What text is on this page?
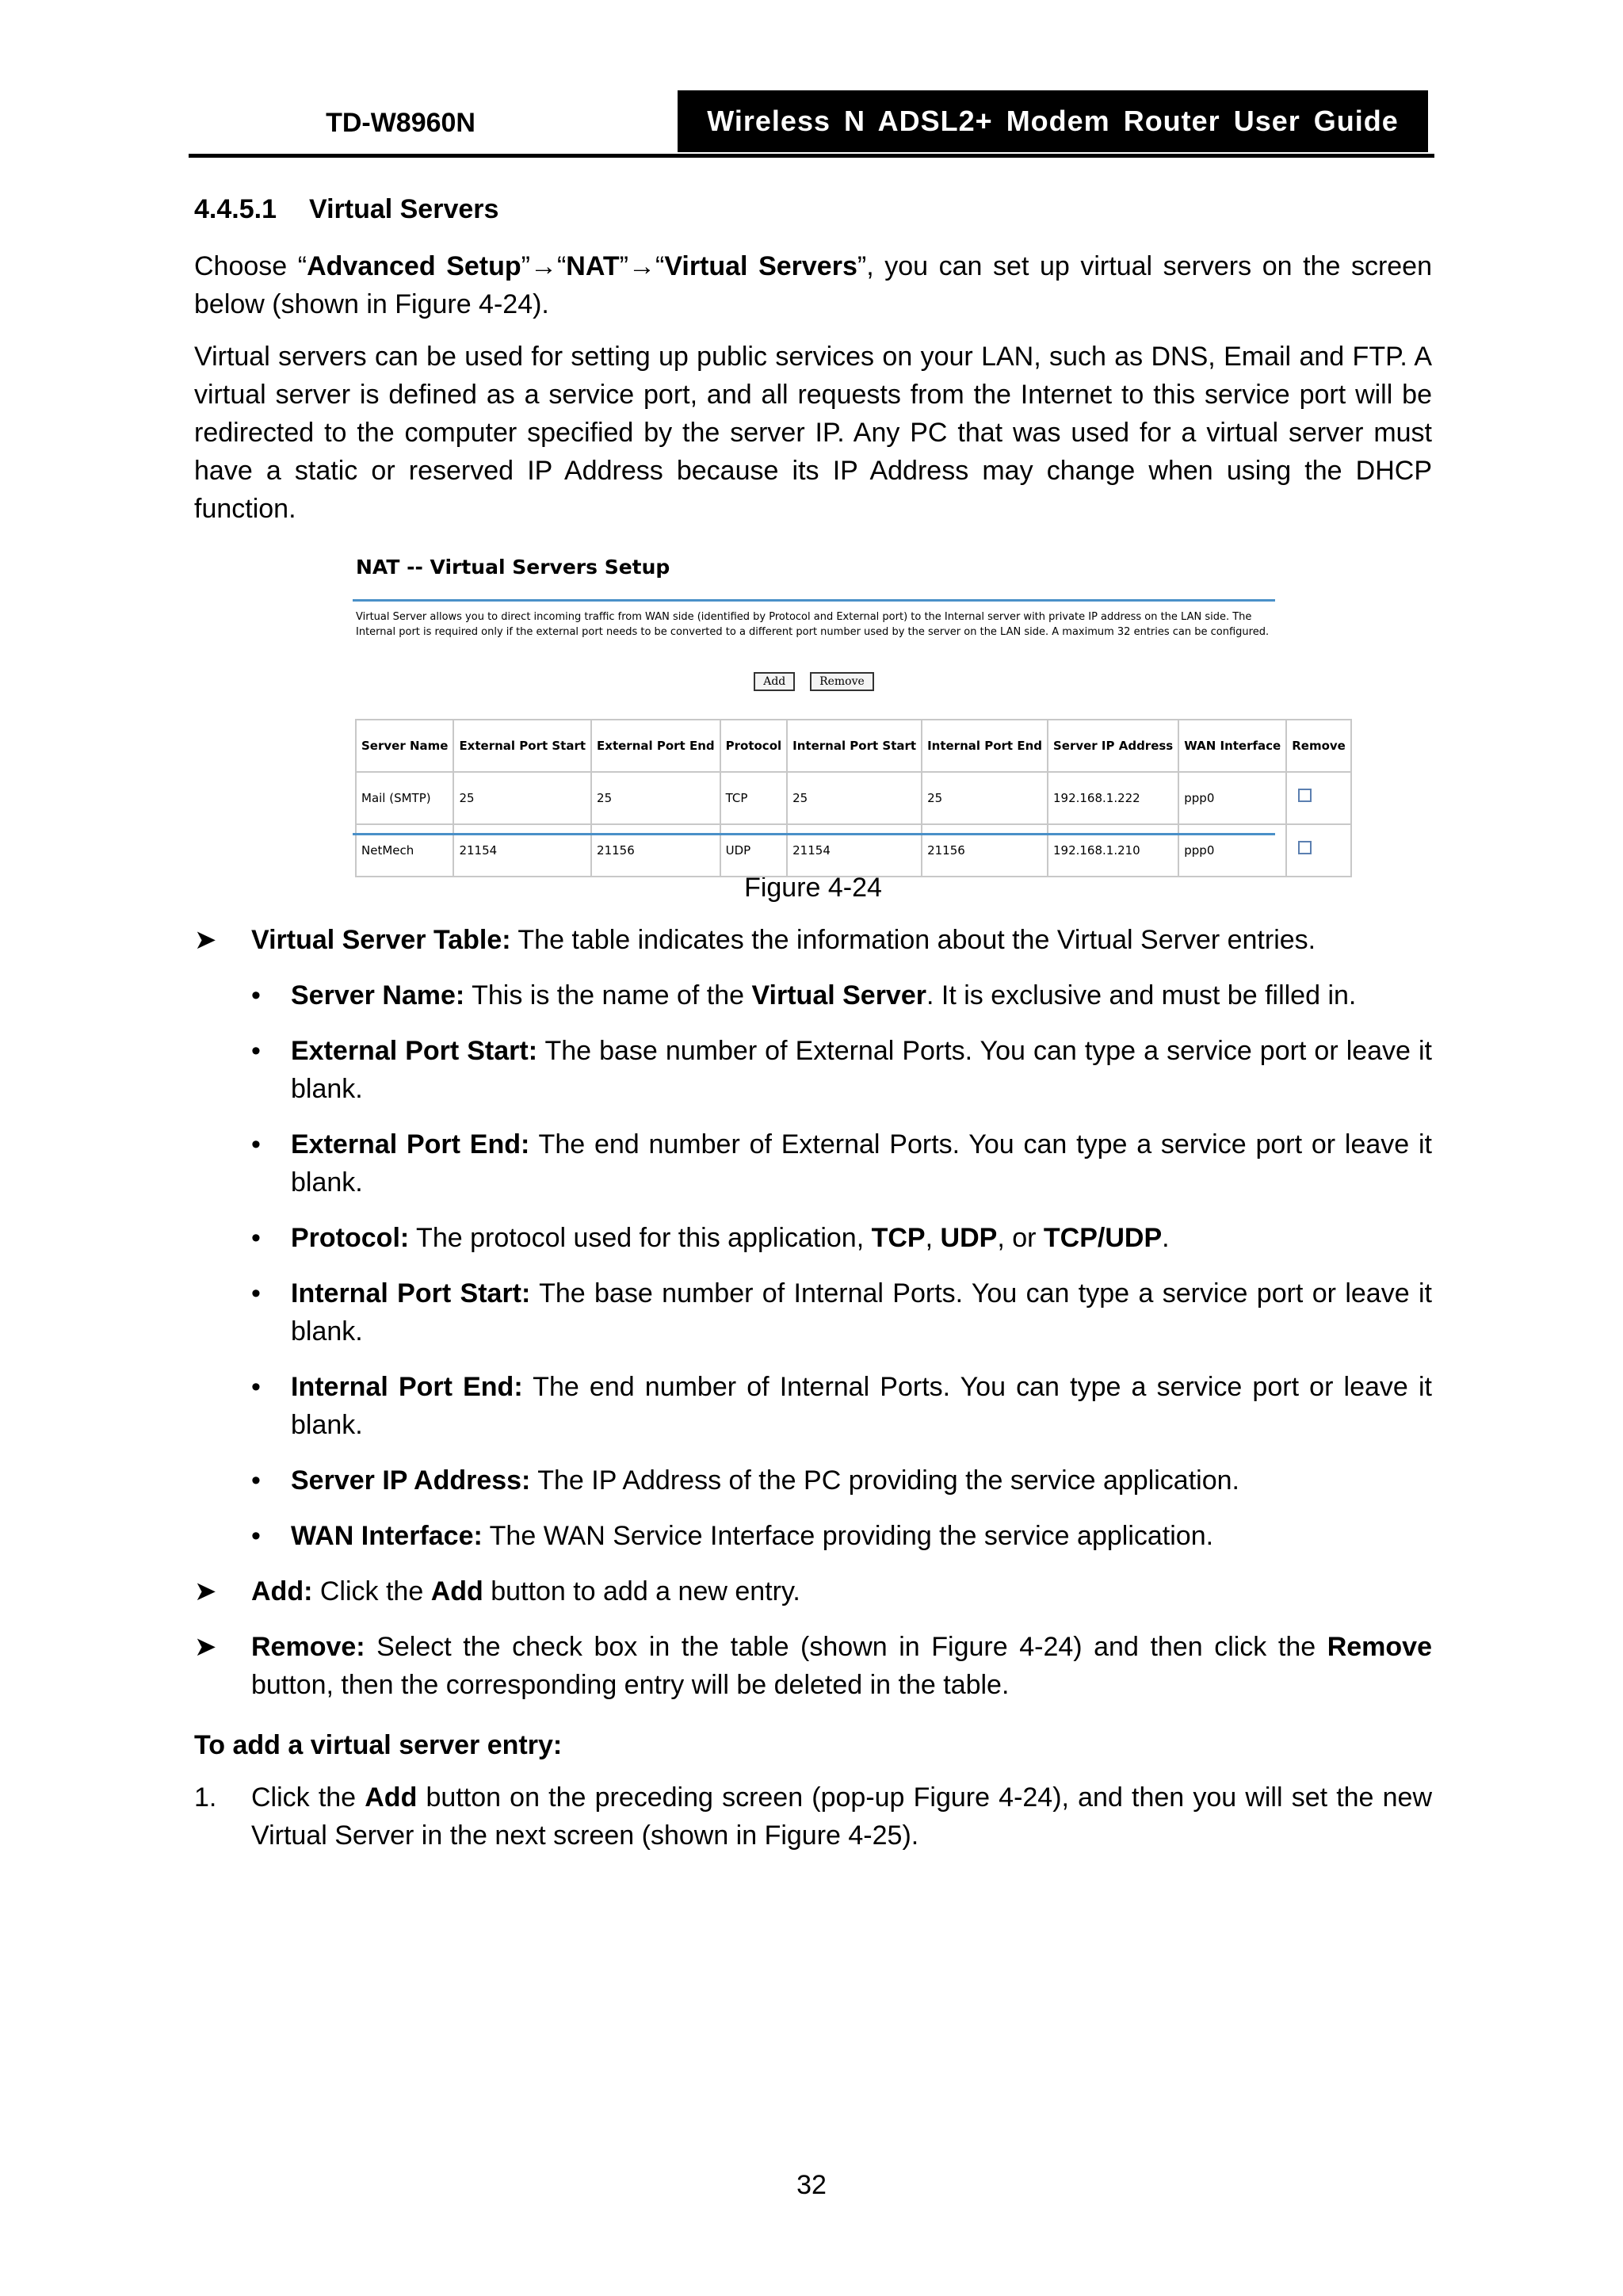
TD-W8960N	Wireless N ADSL2+ Modem Router User Guide
4.4.5.1 Virtual Servers

Choose “Advanced Setup”→“NAT”→“Virtual Servers”, you can set up virtual servers on the screen below (shown in Figure 4-24).

Virtual servers can be used for setting up public services on your LAN, such as DNS, Email and FTP. A virtual server is defined as a service port, and all requests from the Internet to this service port will be redirected to the computer specified by the server IP. Any PC that was used for a virtual server must have a static or reserved IP Address because its IP Address may change when using the DHCP function.

NAT -- Virtual Servers Setup
Virtual Server allows you to direct incoming traffic from WAN side (identified by Protocol and External port) to the Internal server with private IP address on the LAN side. The Internal port is required only if the external port needs to be converted to a different port number used by the server on the LAN side. A maximum 32 entries can be configured.
Add	Remove
Server Name	External Port Start	External Port End	Protocol	Internal Port Start	Internal Port End	Server IP Address	WAN Interface	Remove
Mail (SMTP)	25	25	TCP	25	25	192.168.1.222	ppp0	
NetMech	21154	21156	UDP	21154	21156	192.168.1.210	ppp0	
Figure 4-24
➤ Virtual Server Table: The table indicates the information about the Virtual Server entries.
• Server Name: This is the name of the Virtual Server. It is exclusive and must be filled in.
• External Port Start: The base number of External Ports. You can type a service port or leave it blank.
• External Port End: The end number of External Ports. You can type a service port or leave it blank.
• Protocol: The protocol used for this application, TCP, UDP, or TCP/UDP.
• Internal Port Start: The base number of Internal Ports. You can type a service port or leave it blank.
• Internal Port End: The end number of Internal Ports. You can type a service port or leave it blank.
• Server IP Address: The IP Address of the PC providing the service application.
• WAN Interface: The WAN Service Interface providing the service application.
➤ Add: Click the Add button to add a new entry.
➤ Remove: Select the check box in the table (shown in Figure 4-24) and then click the Remove button, then the corresponding entry will be deleted in the table.
To add a virtual server entry:
1. Click the Add button on the preceding screen (pop-up Figure 4-24), and then you will set the new Virtual Server in the next screen (shown in Figure 4-25).
32
